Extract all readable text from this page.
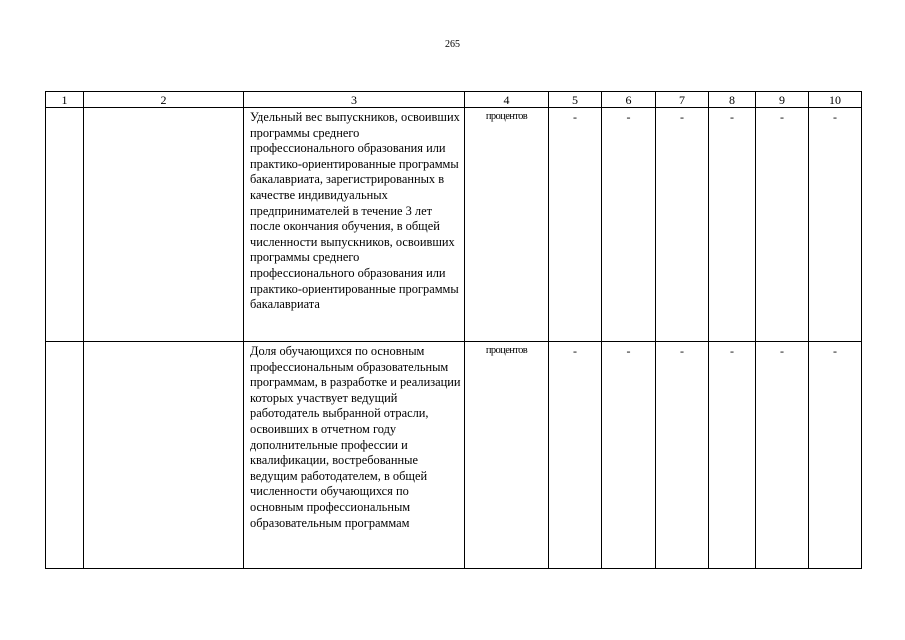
265
1	2	3	4	5	6	7	8	9	10
		Удельный вес выпускников, освоивших программы среднего профессионального образования или практико-ориентированные программы бакалавриата, зарегистрированных в качестве индивидуальных предпринимателей в течение 3 лет после окончания обучения, в общей численности выпускников, освоивших программы среднего профессионального образования или практико-ориентированные программы бакалавриата	процентов	-	-	-	-	-	-
		Доля обучающихся по основным профессиональным образовательным программам, в разработке и реализации которых участвует ведущий работодатель выбранной отрасли, освоивших в отчетном году дополнительные профессии и квалификации, востребованные ведущим работодателем, в общей численности обучающихся по основным профессиональным образовательным программам	процентов	-	-	-	-	-	-
